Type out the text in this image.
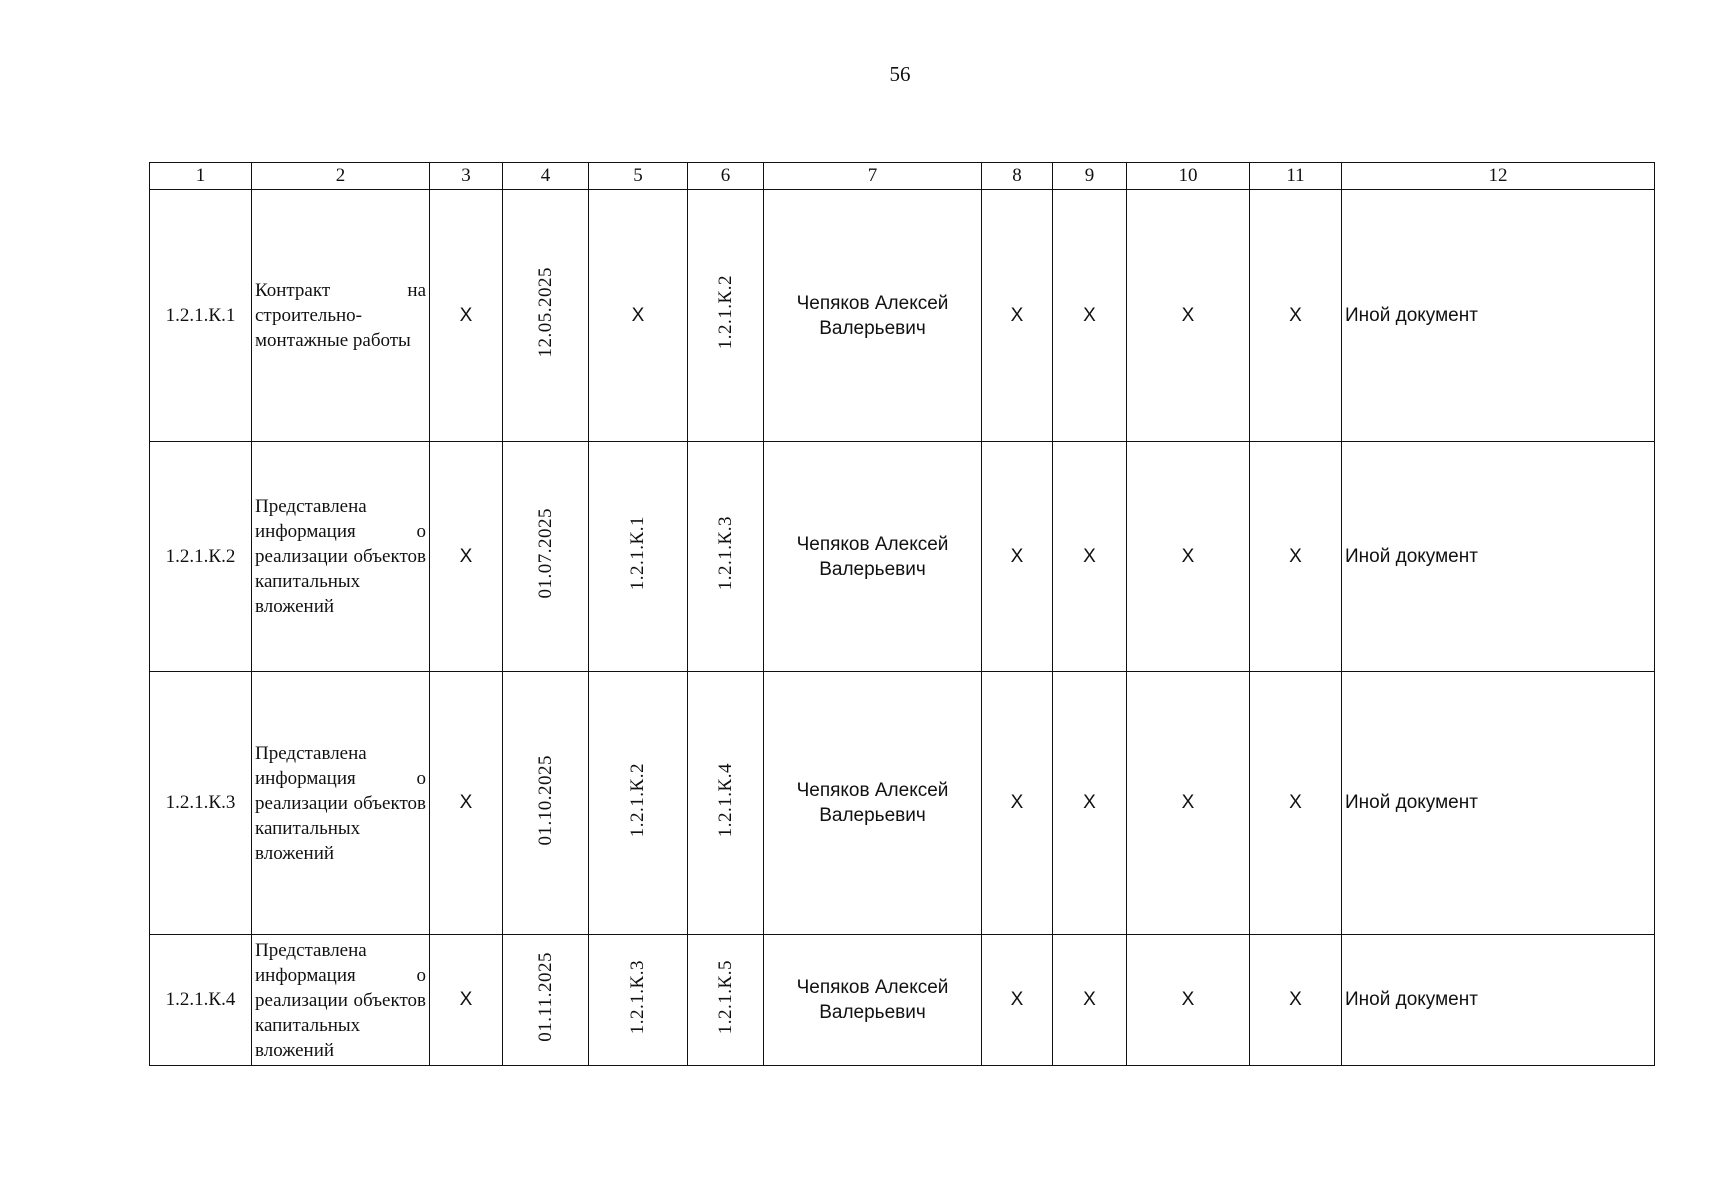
56
1	2	3	4	5	6	7	8	9	10	11	12
1.2.1.К.1	Контракт на строительно-монтажные работы	X	12.05.2025	X	1.2.1.К.2	Чепяков Алексей Валерьевич	X	X	X	X	Иной документ
1.2.1.К.2	Представлена информация о реализации объектов капитальных вложений	X	01.07.2025	1.2.1.К.1	1.2.1.К.3	Чепяков Алексей Валерьевич	X	X	X	X	Иной документ
1.2.1.К.3	Представлена информация о реализации объектов капитальных вложений	X	01.10.2025	1.2.1.К.2	1.2.1.К.4	Чепяков Алексей Валерьевич	X	X	X	X	Иной документ
1.2.1.К.4	Представлена информация о реализации объектов капитальных вложений	X	01.11.2025	1.2.1.К.3	1.2.1.К.5	Чепяков Алексей Валерьевич	X	X	X	X	Иной документ
